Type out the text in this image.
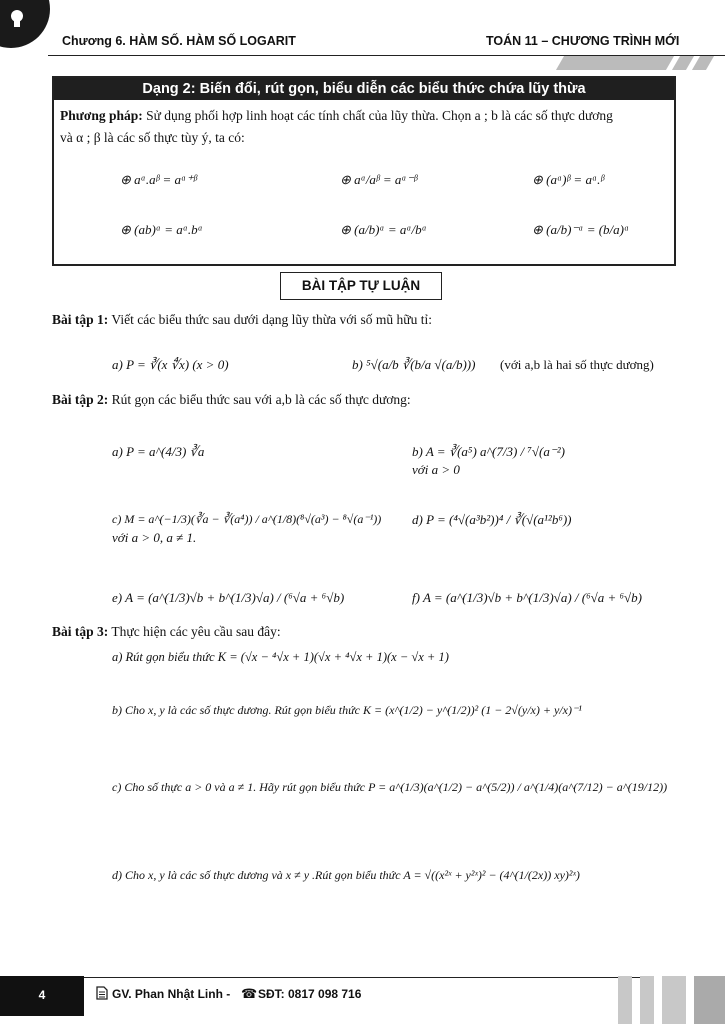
Chương 6. HÀM SỐ. HÀM SỐ LOGARIT	TOÁN 11 – CHƯƠNG TRÌNH MỚI
Dạng 2: Biến đổi, rút gọn, biểu diễn các biểu thức chứa lũy thừa
Phương pháp: Sử dụng phối hợp linh hoạt các tính chất của lũy thừa. Chọn a ; b là các số thực dương
và α ; β là các số thực tùy ý, ta có:
⊕ aᵅ.aᵝ = aᵅ⁺ᵝ	⊕ aᵅ/aᵝ = aᵅ⁻ᵝ	⊕ (aᵅ)ᵝ = aᵅ.ᵝ
⊕ (ab)ᵅ = aᵅ.bᵅ	⊕ (a/b)ᵅ = aᵅ/bᵅ	⊕ (a/b)⁻ᵅ = (b/a)ᵅ
BÀI TẬP TỰ LUẬN
Bài tập 1: Viết các biểu thức sau dưới dạng lũy thừa với số mũ hữu tỉ:
a) P = ∛(x ∜x) (x > 0)	b) ⁵√(a/b ∛(b/a √(a/b))) (với a,b là hai số thực dương)
Bài tập 2: Rút gọn các biểu thức sau với a,b là các số thực dương:
a) P = a^(4/3) ∛a	b) A = ∛(a⁵) a^(7/3) / ⁷√(a⁻²)
với a > 0
c) M = a^(−1/3)(∛a − ∛(a⁴)) / a^(1/8)(⁸√(a³) − ⁸√(a⁻¹))
với a > 0, a ≠ 1.
d) P = (⁴√(a³b²))⁴ / ∛(√(a¹²b⁶))
e) A = (a^(1/3)√b + b^(1/3)√a) / (⁶√a + ⁶√b)	f) A = (a^(1/3)√b + b^(1/3)√a) / (⁶√a + ⁶√b)
Bài tập 3: Thực hiện các yêu cầu sau đây:
a) Rút gọn biểu thức K = (√x − ⁴√x + 1)(√x + ⁴√x + 1)(x − √x + 1)
b) Cho x, y là các số thực dương. Rút gọn biểu thức K = (x^(1/2) − y^(1/2))² (1 − 2√(y/x) + y/x)⁻¹
c) Cho số thực a > 0 và a ≠ 1. Hãy rút gọn biểu thức P = a^(1/3)(a^(1/2) − a^(5/2)) / a^(1/4)(a^(7/12) − a^(19/12))
d) Cho x, y là các số thực dương và x ≠ y .Rút gọn biểu thức A = √((x²ˣ + y²ˣ)² − (4^(1/(2x)) xy)²ˣ)
4	GV. Phan Nhật Linh - ☎ SĐT: 0817 098 716
